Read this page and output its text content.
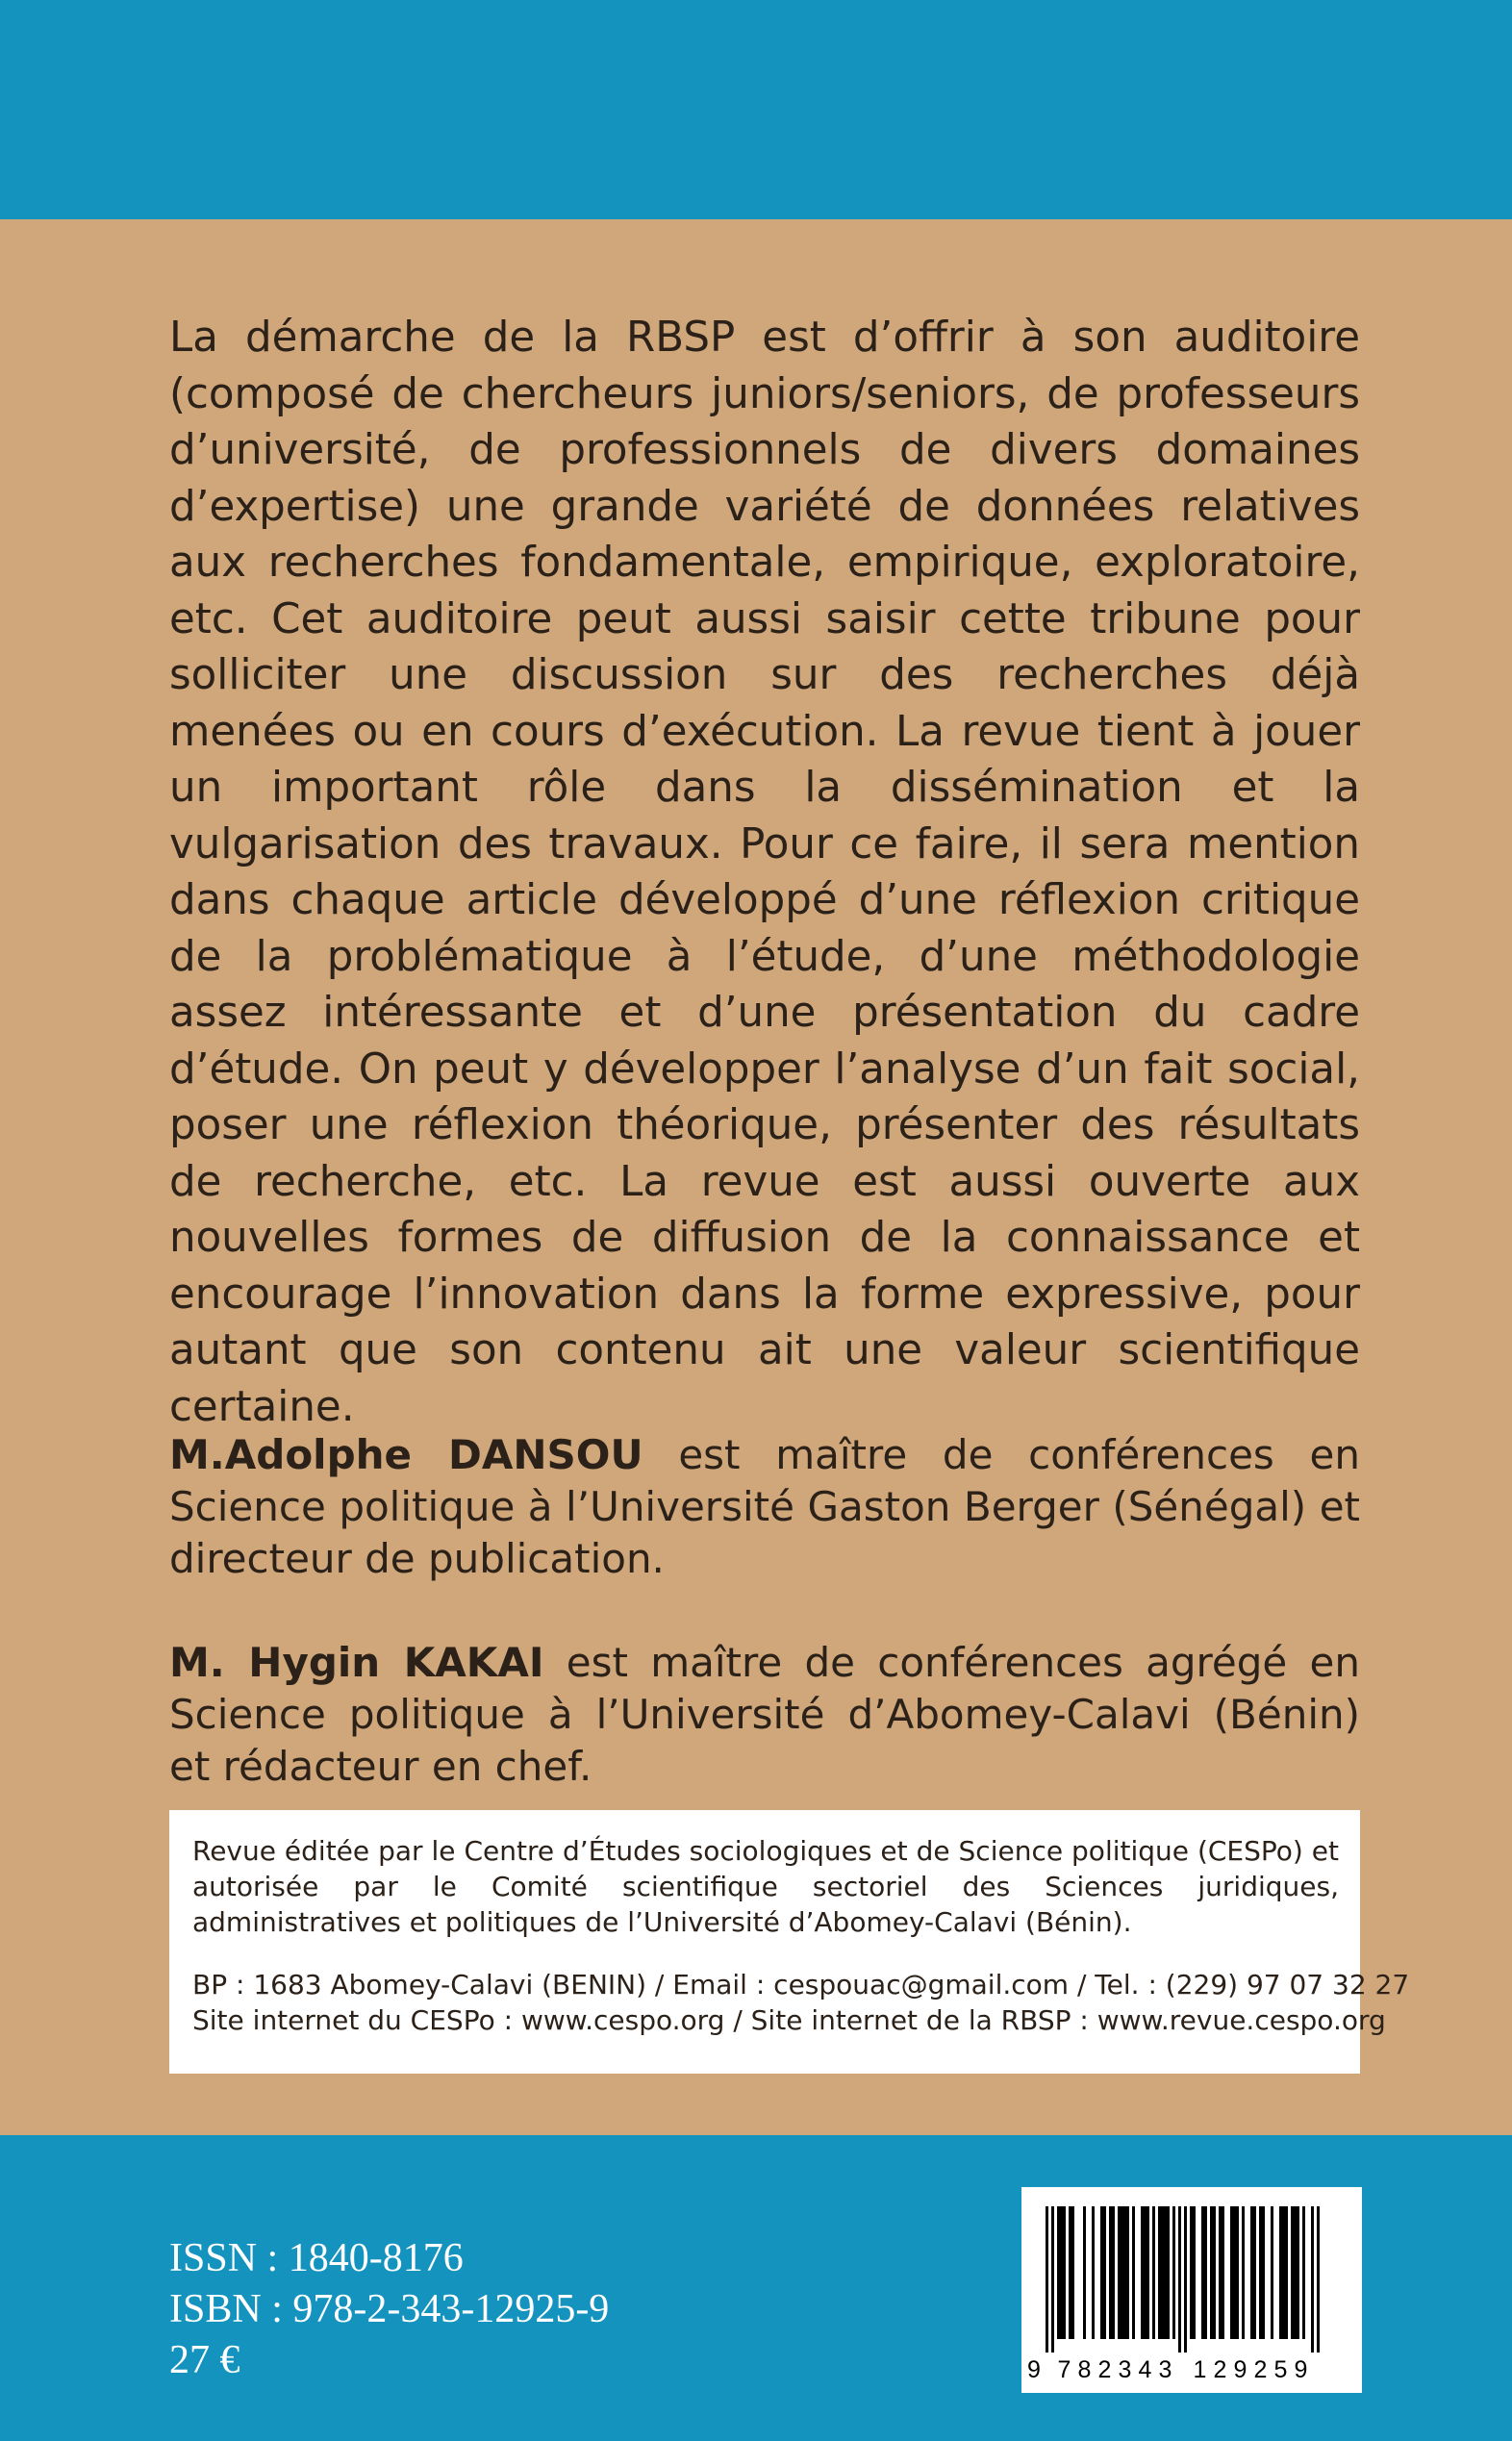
La démarche de la RBSP est d’offrir à son auditoire (composé de chercheurs juniors/seniors, de professeurs d’université, de professionnels de divers domaines d’expertise) une grande variété de données relatives aux recherches fondamentale, empirique, exploratoire, etc. Cet auditoire peut aussi saisir cette tribune pour solliciter une discussion sur des recherches déjà menées ou en cours d’exécution. La revue tient à jouer un important rôle dans la dissémination et la vulgarisation des travaux. Pour ce faire, il sera mention dans chaque article développé d’une réflexion critique de la problématique à l’étude, d’une méthodologie assez intéressante et d’une présentation du cadre d’étude. On peut y développer l’analyse d’un fait social, poser une réflexion théorique, présenter des résultats de recherche, etc. La revue est aussi ouverte aux nouvelles formes de diffusion de la connaissance et encourage l’innovation dans la forme expressive, pour autant que son contenu ait une valeur scientifique certaine.

M.Adolphe DANSOU est maître de conférences en Science politique à l’Université Gaston Berger (Sénégal) et directeur de publication.

M. Hygin KAKAI est maître de conférences agrégé en Science politique à l’Université d’Abomey-Calavi (Bénin) et rédacteur en chef.

Revue éditée par le Centre d’Études sociologiques et de Science politique (CESPo) et autorisée par le Comité scientifique sectoriel des Sciences juridiques, administratives et politiques de l’Université d’Abomey-Calavi (Bénin).

BP : 1683 Abomey-Calavi (BENIN) / Email : cespouac@gmail.com / Tel. : (229) 97 07 32 27
Site internet du CESPo : www.cespo.org / Site internet de la RBSP : www.revue.cespo.org

ISSN : 1840-8176
ISBN : 978-2-343-12925-9
27 €	9 7 8 2 3 4 3 1 2 9 2 5 9
